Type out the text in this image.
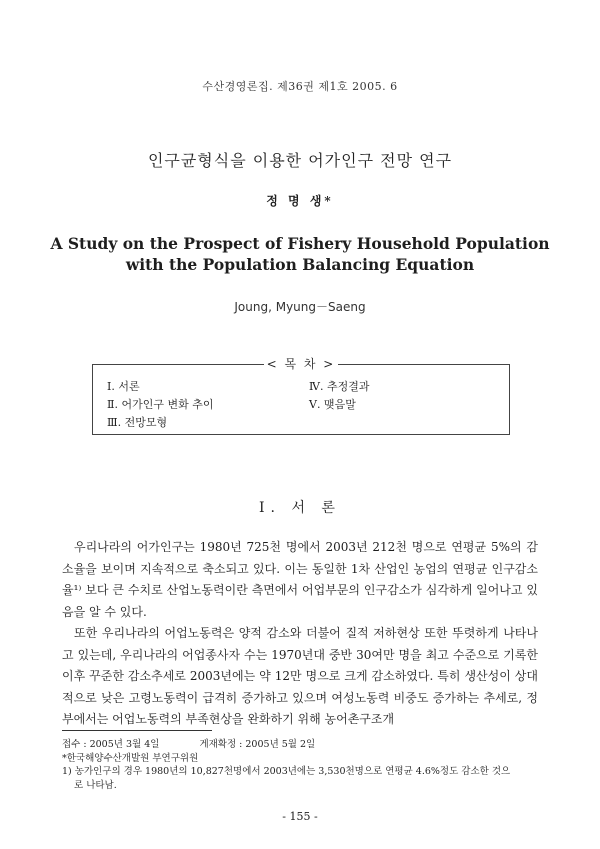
수산경영론집. 제36권 제1호 2005. 6
인구균형식을 이용한 어가인구 전망 연구
정 명 생*
A Study on the Prospect of Fishery Household Population
with the Population Balancing Equation
Joung, Myung－Saeng
< 목 차 >
Ⅰ. 서론
Ⅱ. 어가인구 변화 추이
Ⅲ. 전망모형
Ⅳ. 추정결과
Ⅴ. 맺음말
Ⅰ. 서 론

우리나라의 어가인구는 1980년 725천 명에서 2003년 212천 명으로 연평균 5%의 감소율을 보이며 지속적으로 축소되고 있다. 이는 동일한 1차 산업인 농업의 연평균 인구감소율¹⁾ 보다 큰 수치로 산업노동력이란 측면에서 어업부문의 인구감소가 심각하게 일어나고 있음을 알 수 있다.

또한 우리나라의 어업노동력은 양적 감소와 더불어 질적 저하현상 또한 뚜렷하게 나타나고 있는데, 우리나라의 어업종사자 수는 1970년대 중반 30여만 명을 최고 수준으로 기록한 이후 꾸준한 감소추세로 2003년에는 약 12만 명으로 크게 감소하였다. 특히 생산성이 상대적으로 낮은 고령노동력이 급격히 증가하고 있으며 여성노동력 비중도 증가하는 추세로, 정부에서는 어업노동력의 부족현상을 완화하기 위해 농어촌구조개

접수 : 2005년 3월 4일	게재확정 : 2005년 5월 2일
*한국해양수산개발원 부연구위원
1) 농가인구의 경우 1980년의 10,827천명에서 2003년에는 3,530천명으로 연평균 4.6%정도 감소한 것으
로 나타남.
- 155 -
